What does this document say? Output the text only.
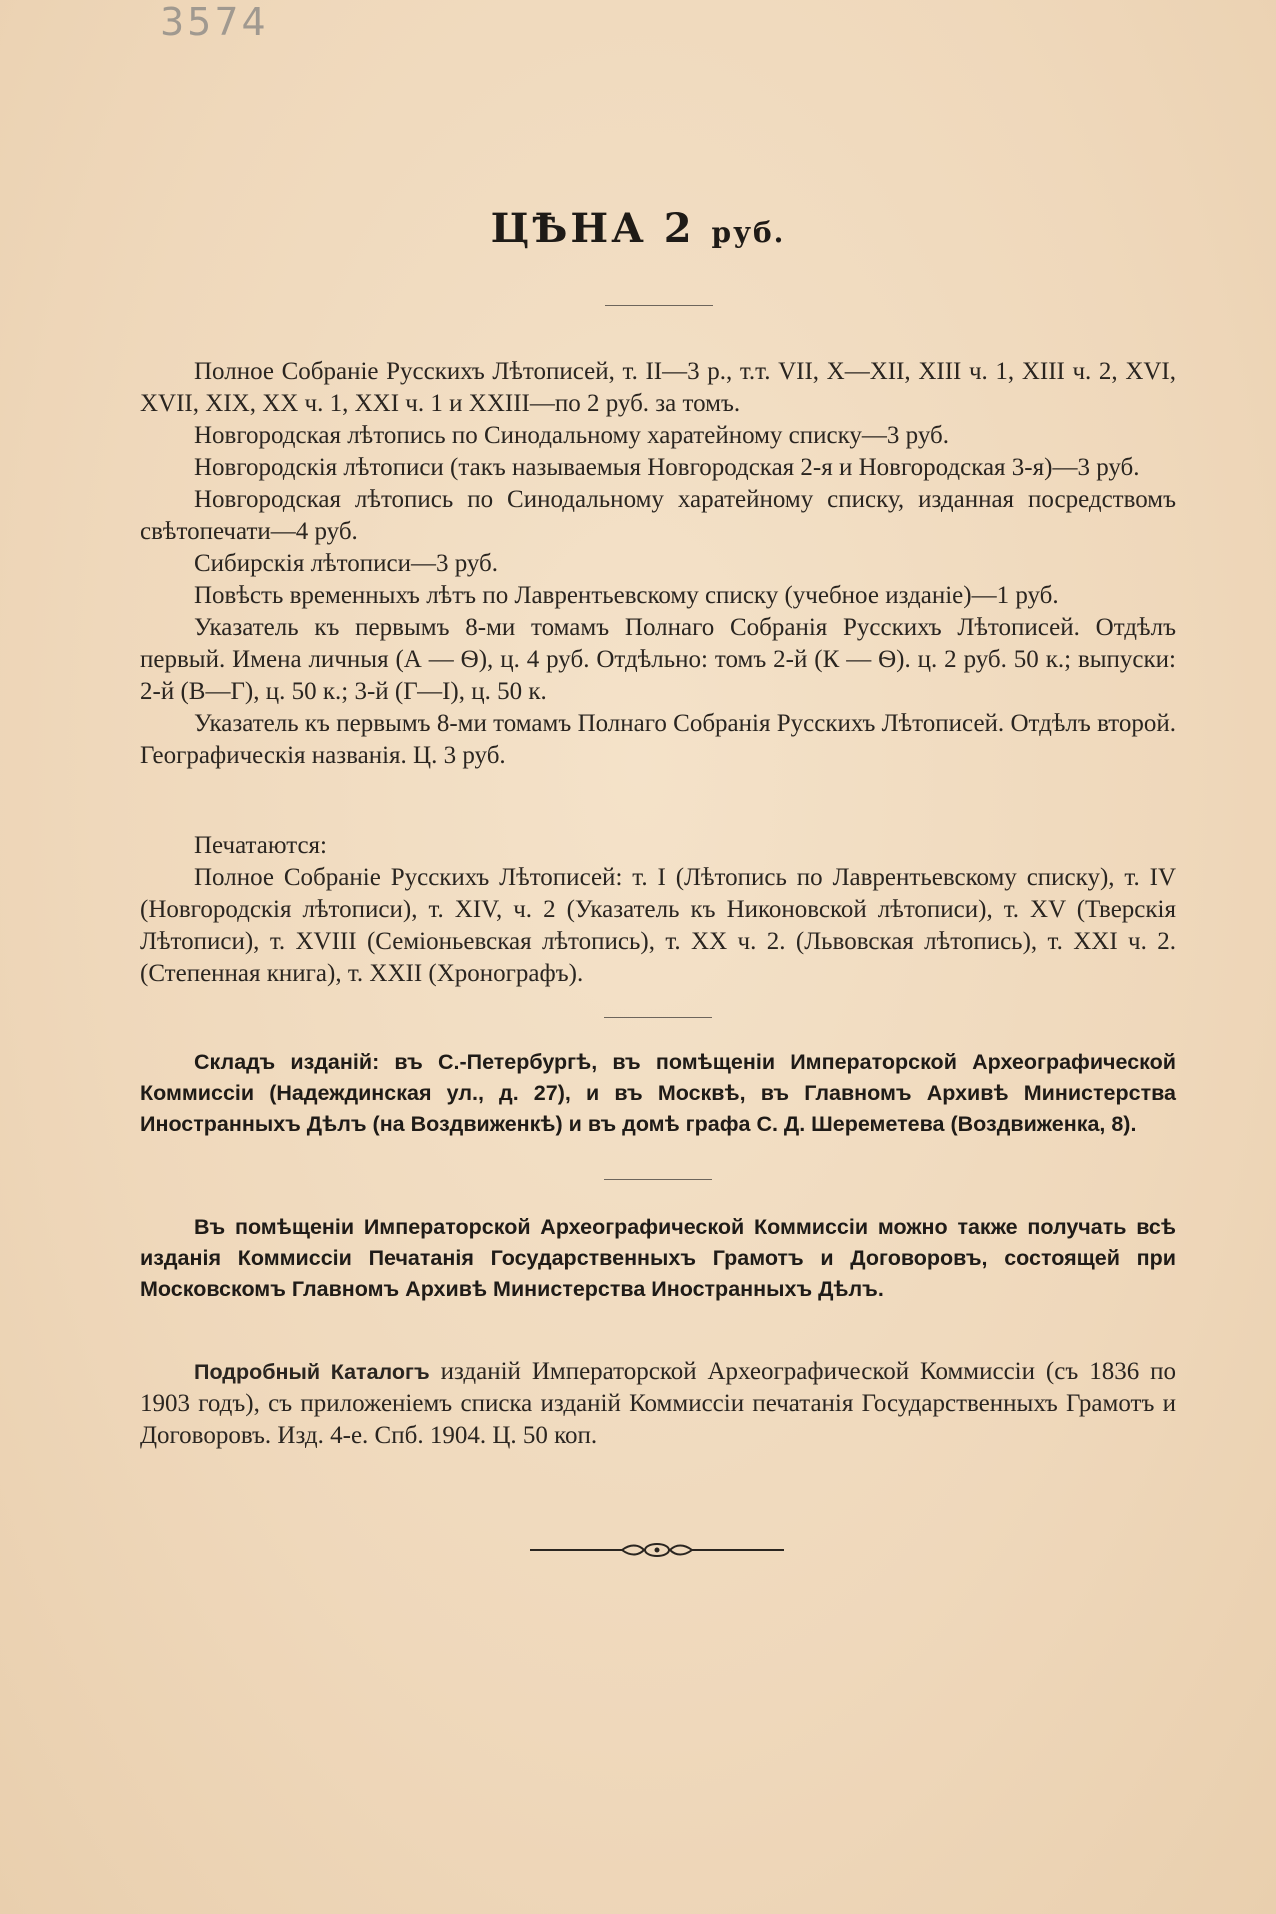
3574
ЦѢНА 2 руб.

Полное Собраніе Русскихъ Лѣтописей, т. II—3 р., т.т. VII, X—XII, XIII ч. 1, XIII ч. 2, XVI, XVII, XIX, XX ч. 1, XXI ч. 1 и XXIII—по 2 руб. за томъ.

Новгородская лѣтопись по Синодальному харатейному списку—3 руб.

Новгородскія лѣтописи (такъ называемыя Новгородская 2-я и Новгородская 3-я)—3 руб.

Новгородская лѣтопись по Синодальному харатейному списку, изданная посредствомъ свѣтопечати—4 руб.

Сибирскія лѣтописи—3 руб.

Повѣсть временныхъ лѣтъ по Лаврентьевскому списку (учебное изданіе)—1 руб.

Указатель къ первымъ 8-ми томамъ Полнаго Собранія Русскихъ Лѣтописей. Отдѣлъ первый. Имена личныя (А — Ѳ), ц. 4 руб. Отдѣльно: томъ 2-й (К — Ѳ). ц. 2 руб. 50 к.; выпуски: 2-й (В—Г), ц. 50 к.; 3-й (Г—I), ц. 50 к.

Указатель къ первымъ 8-ми томамъ Полнаго Собранія Русскихъ Лѣтописей. Отдѣлъ второй. Географическія названія. Ц. 3 руб.

Печатаются:

Полное Собраніе Русскихъ Лѣтописей: т. I (Лѣтопись по Лаврентьевскому списку), т. IV (Новгородскія лѣтописи), т. XIV, ч. 2 (Указатель къ Никоновской лѣтописи), т. XV (Тверскія Лѣтописи), т. XVIII (Семіоньевская лѣтопись), т. XX ч. 2. (Львовская лѣтопись), т. XXI ч. 2. (Степенная книга), т. XXII (Хронографъ).

Складъ изданій: въ С.-Петербургѣ, въ помѣщеніи Императорской Археографической Коммиссіи (Надеждинская ул., д. 27), и въ Москвѣ, въ Главномъ Архивѣ Министерства Иностранныхъ Дѣлъ (на Воздвиженкѣ) и въ домѣ графа С. Д. Шереметева (Воздвиженка, 8).
Въ помѣщеніи Императорской Археографической Коммиссіи можно также получать всѣ изданія Коммиссіи Печатанія Государственныхъ Грамотъ и Договоровъ, состоящей при Московскомъ Главномъ Архивѣ Министерства Иностранныхъ Дѣлъ.
Подробный Каталогъ изданій Императорской Археографической Коммиссіи (съ 1836 по 1903 годъ), съ приложеніемъ списка изданій Коммиссіи печатанія Государственныхъ Грамотъ и Договоровъ. Изд. 4-е. Спб. 1904. Ц. 50 коп.
